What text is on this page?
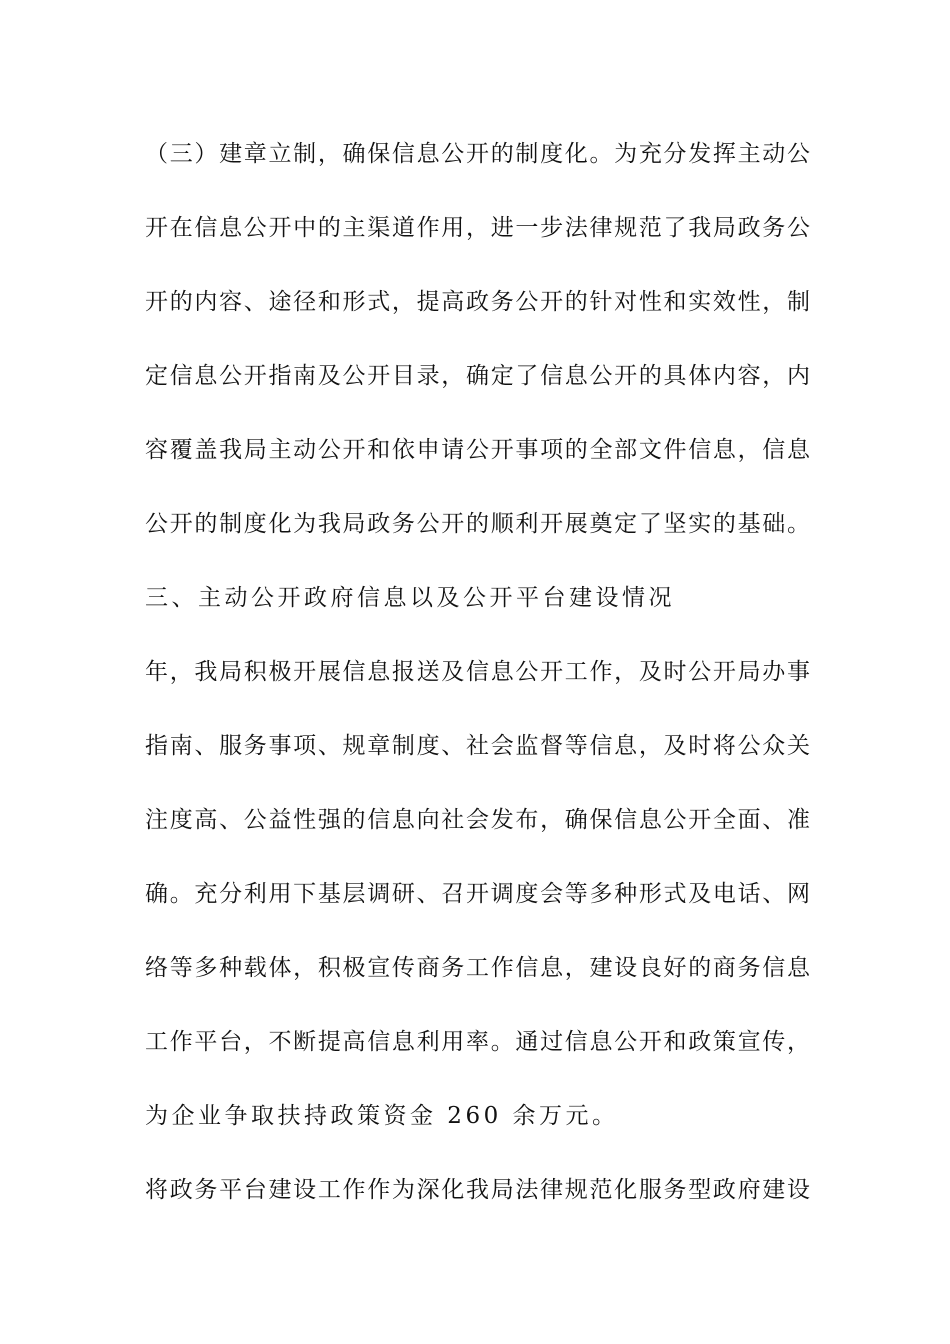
（三）建章立制，确保信息公开的制度化。为充分发挥主动公
开在信息公开中的主渠道作用，进一步法律规范了我局政务公
开的内容、途径和形式，提高政务公开的针对性和实效性，制
定信息公开指南及公开目录，确定了信息公开的具体内容，内
容覆盖我局主动公开和依申请公开事项的全部文件信息，信息
公开的制度化为我局政务公开的顺利开展奠定了坚实的基础。
三、主动公开政府信息以及公开平台建设情况
年，我局积极开展信息报送及信息公开工作，及时公开局办事
指南、服务事项、规章制度、社会监督等信息，及时将公众关
注度高、公益性强的信息向社会发布，确保信息公开全面、准
确。充分利用下基层调研、召开调度会等多种形式及电话、网
络等多种载体，积极宣传商务工作信息，建设良好的商务信息
工作平台，不断提高信息利用率。通过信息公开和政策宣传，
为企业争取扶持政策资金 260 余万元。
将政务平台建设工作作为深化我局法律规范化服务型政府建设
